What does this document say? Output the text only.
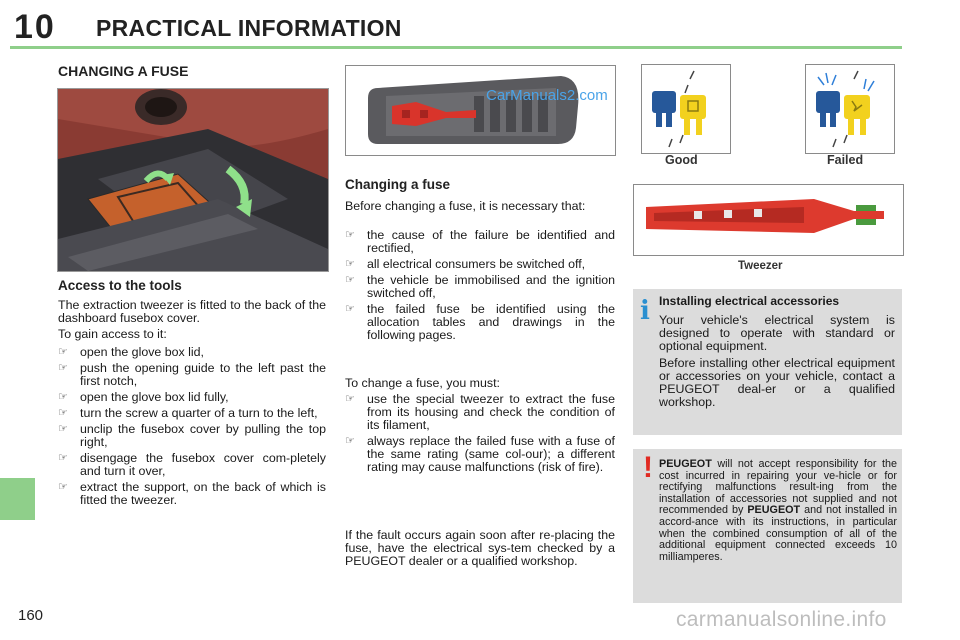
10 PRACTICAL INFORMATION
160
CHANGING A FUSE
Access to the tools

The extraction tweezer is fitted to the back of the dashboard fusebox cover.

To gain access to it:

☞ open the glove box lid,
☞ push the opening guide to the left past the first notch,
☞ open the glove box lid fully,
☞ turn the screw a quarter of a turn to the left,
☞ unclip the fusebox cover by pulling the top right,
☞ disengage the fusebox cover com-pletely and turn it over,
☞ extract the support, on the back of which is fitted the tweezer.
CarManuals2.com
Changing a fuse

Before changing a fuse, it is necessary that:

☞ the cause of the failure be identified and rectified,
☞ all electrical consumers be switched off,
☞ the vehicle be immobilised and the ignition switched off,
☞ the failed fuse be identified using the allocation tables and drawings in the following pages.

To change a fuse, you must:

☞ use the special tweezer to extract the fuse from its housing and check the condition of its filament,
☞ always replace the failed fuse with a fuse of the same rating (same col-our); a different rating may cause malfunctions (risk of fire).

If the fault occurs again soon after re-placing the fuse, have the electrical sys-tem checked by a PEUGEOT dealer or a qualified workshop.

Good	Failed
Tweezer
i Installing electrical accessories

Your vehicle's electrical system is designed to operate with standard or optional equipment.

Before installing other electrical equipment or accessories on your vehicle, contact a PEUGEOT deal-er or a qualified workshop.

! PEUGEOT will not accept responsibility for the cost incurred in repairing your ve-hicle or for rectifying malfunctions result-ing from the installation of accessories not supplied and not recommended by PEUGEOT and not installed in accord-ance with its instructions, in particular when the combined consumption of all of the additional equipment connected exceeds 10 milliamperes.

carmanualsonline.info
